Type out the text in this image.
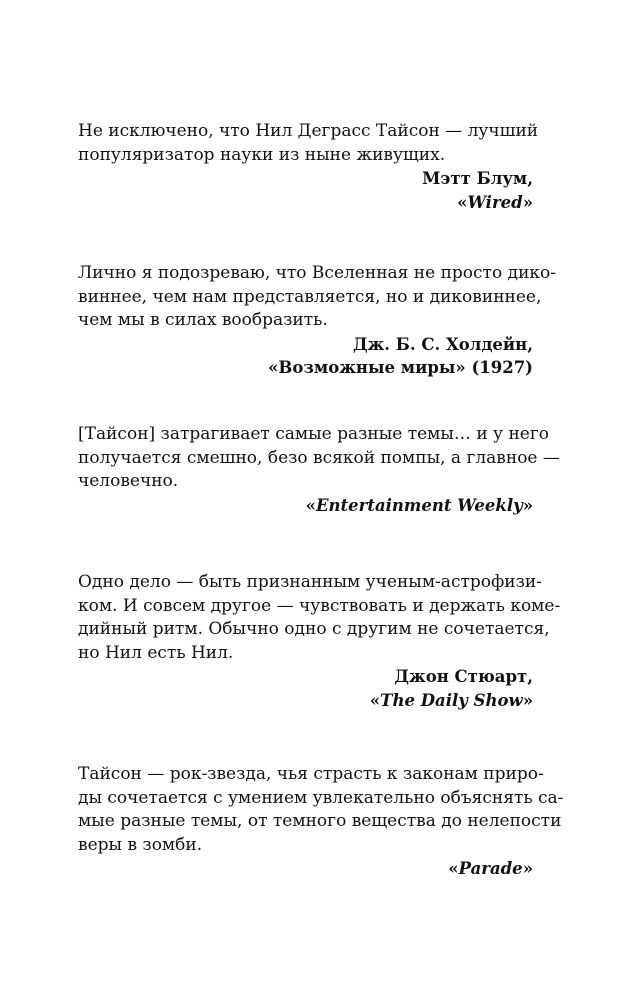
Не исключено, что Нил Деграсс Тайсон — лучший
популяризатор науки из ныне живущих.
Мэтт Блум,
«Wired»
Лично я подозреваю, что Вселенная не просто дико-
виннее, чем нам представляется, но и диковиннее,
чем мы в силах вообразить.
Дж. Б. С. Холдейн,
«Возможные миры» (1927)
[Тайсон] затрагивает самые разные темы… и у него
получается смешно, безо всякой помпы, а главное —
человечно.
«Entertainment Weekly»
Одно дело — быть признанным ученым-астрофизи-
ком. И совсем другое — чувствовать и держать коме-
дийный ритм. Обычно одно с другим не сочетается,
но Нил есть Нил.
Джон Стюарт,
«The Daily Show»
Тайсон — рок-звезда, чья страсть к законам приро-
ды сочетается с умением увлекательно объяснять са-
мые разные темы, от темного вещества до нелепости
веры в зомби.
«Parade»
